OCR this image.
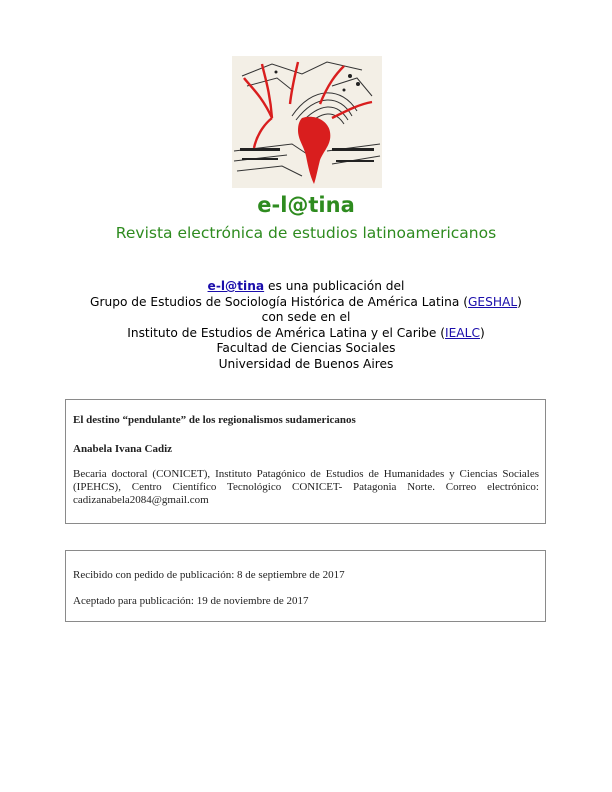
e-l@tina
Revista electrónica de estudios latinoamericanos
e-l@tina es una publicación del
Grupo de Estudios de Sociología Histórica de América Latina (GESHAL)
con sede en el
Instituto de Estudios de América Latina y el Caribe (IEALC)
Facultad de Ciencias Sociales
Universidad de Buenos Aires
El destino “pendulante” de los regionalismos sudamericanos
Anabela Ivana Cadiz
Becaria doctoral (CONICET), Instituto Patagónico de Estudios de Humanidades y Ciencias Sociales
(IPEHCS), Centro Científico Tecnológico CONICET- Patagonia Norte. Correo electrónico:
cadizanabela2084@gmail.com
Recibido con pedido de publicación: 8 de septiembre de 2017
Aceptado para publicación: 19 de noviembre de 2017
